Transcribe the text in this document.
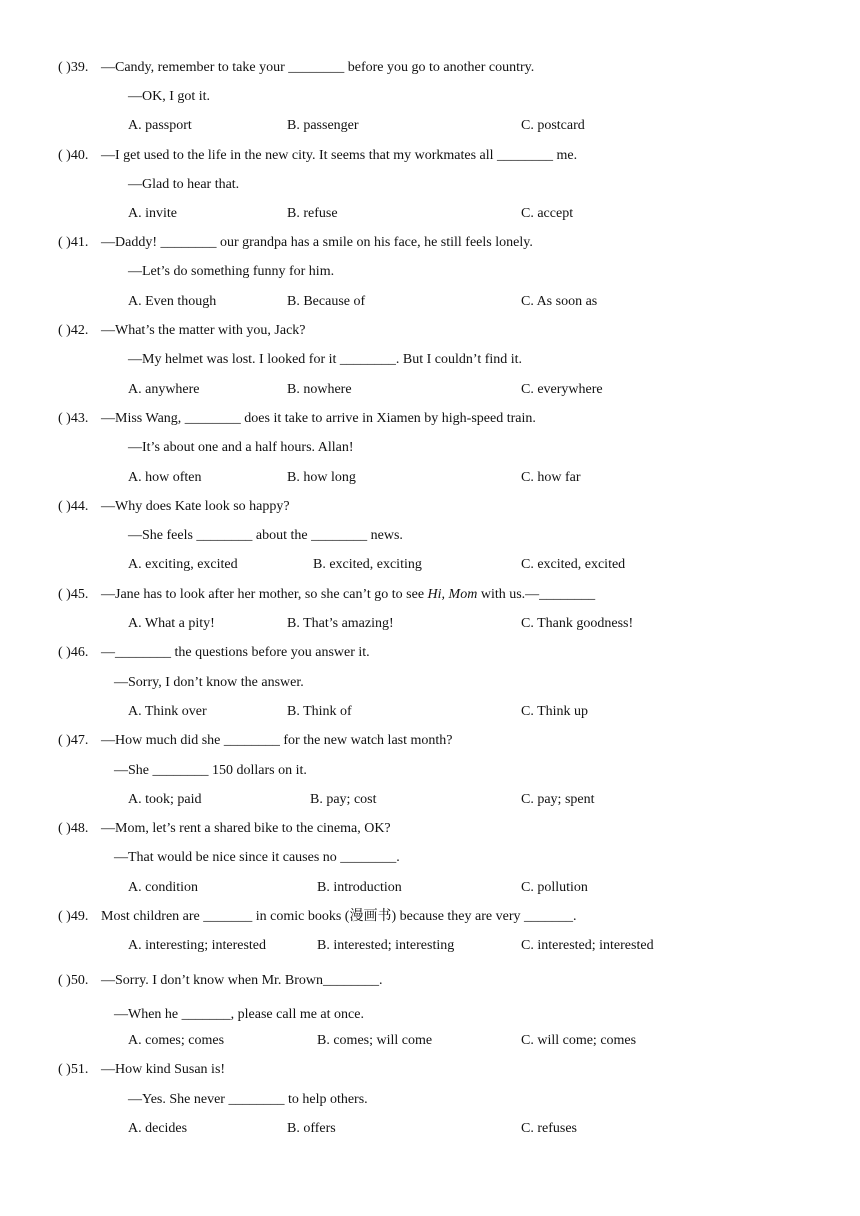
( )39. —Candy, remember to take your ________ before you go to another country.
—OK, I got it.
A. passport	B. passenger	C. postcard
( )40. —I get used to the life in the new city. It seems that my workmates all ________ me.
—Glad to hear that.
A. invite	B. refuse	C. accept
( )41. —Daddy! ________ our grandpa has a smile on his face, he still feels lonely.
—Let’s do something funny for him.
A. Even though	B. Because of	C. As soon as
( )42. —What’s the matter with you, Jack?
—My helmet was lost. I looked for it ________. But I couldn’t find it.
A. anywhere	B. nowhere	C. everywhere
( )43. —Miss Wang, ________ does it take to arrive in Xiamen by high-speed train.
—It’s about one and a half hours. Allan!
A. how often	B. how long	C. how far
( )44. —Why does Kate look so happy?
—She feels ________ about the ________ news.
A. exciting, excited	B. excited, exciting	C. excited, excited
( )45. —Jane has to look after her mother, so she can’t go to see Hi, Mom with us.—________
A. What a pity!	B. That’s amazing!	C. Thank goodness!
( )46. —________ the questions before you answer it.
—Sorry, I don’t know the answer.
A. Think over	B. Think of	C. Think up
( )47. —How much did she ________ for the new watch last month?
—She ________ 150 dollars on it.
A. took; paid	B. pay; cost	C. pay; spent
( )48. —Mom, let’s rent a shared bike to the cinema, OK?
—That would be nice since it causes no ________.
A. condition	B. introduction	C. pollution
( )49. Most children are _______ in comic books (漫画书) because they are very _______.
A. interesting; interested	B. interested; interesting	C. interested; interested
( )50. —Sorry. I don’t know when Mr. Brown________.
—When he _______, please call me at once.
A. comes; comes	B. comes; will come	C. will come; comes
( )51. —How kind Susan is!
—Yes. She never ________ to help others.
A. decides	B. offers	C. refuses
